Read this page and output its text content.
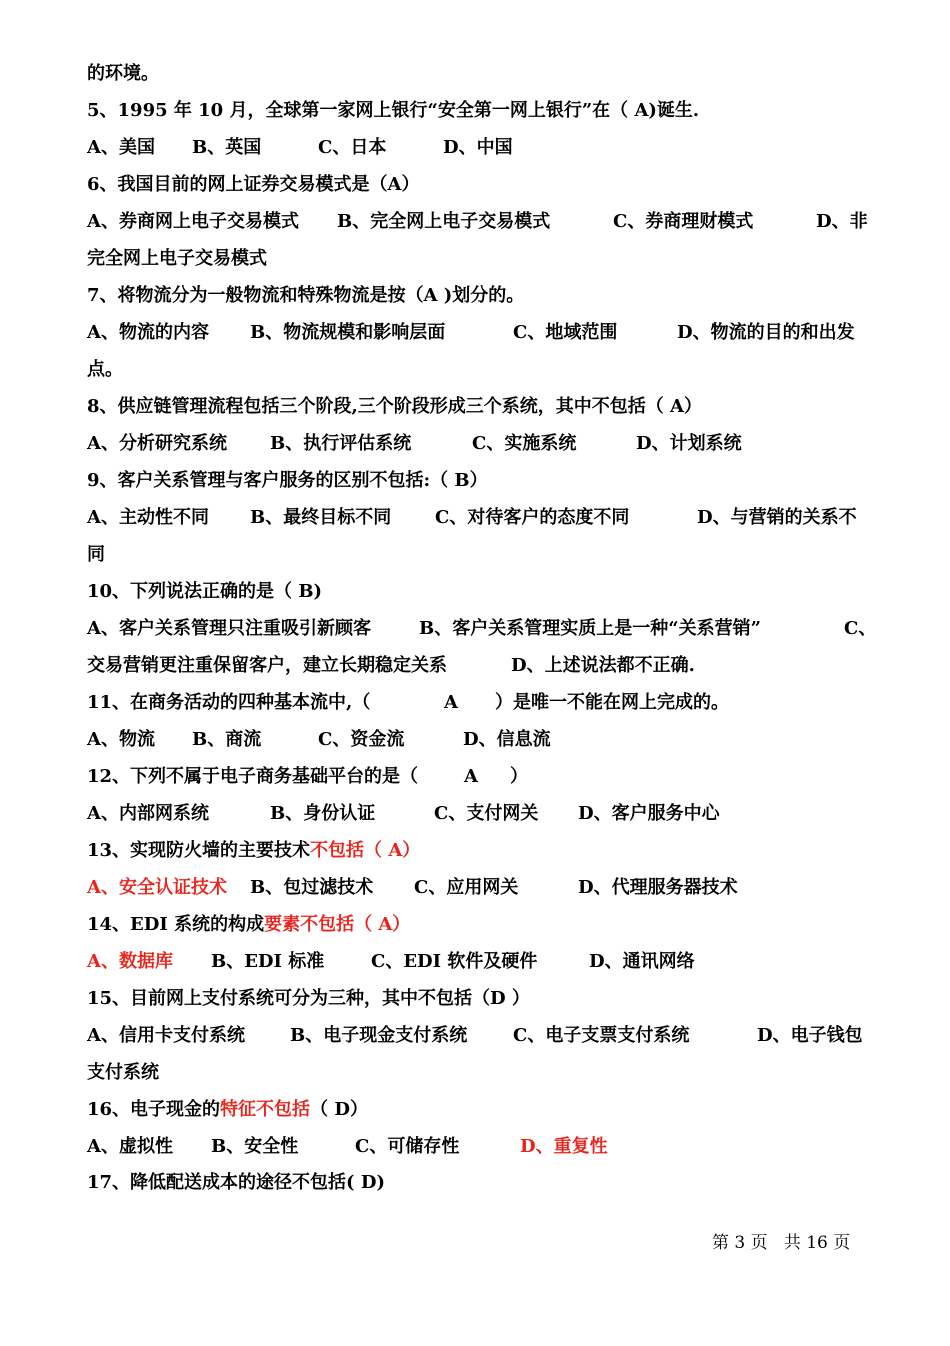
的环境。
5、1995 年 10 月，全球第一家网上银行“安全第一网上银行”在（ A)诞生.

A、美国

B、英国

	C、日本

	D、中国

6、我国目前的网上证券交易模式是（A）

A、券商网上电子交易模式

B、完全网上电子交易模式

	C、券商理财模式

	D、非

完全网上电子交易模式
7、将物流分为一般物流和特殊物流是按（A )划分的。

A、物流的内容

B、物流规模和影响层面

	C、地域范围

	D、物流的目的和出发

点。
8、供应链管理流程包括三个阶段,三个阶段形成三个系统，其中不包括（ A）

A、分析研究系统

B、执行评估系统

	C、实施系统

	D、计划系统

9、客户关系管理与客户服务的区别不包括:（ B）

A、主动性不同

B、最终目标不同

C、对待客户的态度不同

	D、与营销的关系不

同
10、下列说法正确的是（ B)

A、客户关系管理只注重吸引新顾客

	B、客户关系管理实质上是一种“关系营销”

	C、

交易营销更注重保留客户，建立长期稳定关系

	D、上述说法都不正确.

11、在商务活动的四种基本流中,（

	A

）是唯一不能在网上完成的。

A、物流

B、商流

	C、资金流

	D、信息流

12、下列不属于电子商务基础平台的是（

	A

）

A、内部网系统

	B、身份认证

	C、支付网关

D、客户服务中心

13、实现防火墙的主要技术不包括（ A）

A、安全认证技术

B、包过滤技术

C、应用网关

	D、代理服务器技术

14、EDI 系统的构成要素不包括（ A）

A、数据库

B、EDI 标准

	C、EDI 软件及硬件

	D、通讯网络

15、目前网上支付系统可分为三种，其中不包括（D ）

A、信用卡支付系统

	B、电子现金支付系统

	C、电子支票支付系统

	D、电子钱包

支付系统
16、电子现金的特征不包括（ D）

A、虚拟性

B、安全性

	C、可储存性

	D、重复性

17、降低配送成本的途径不包括( D)
第 3 页   共 16 页
